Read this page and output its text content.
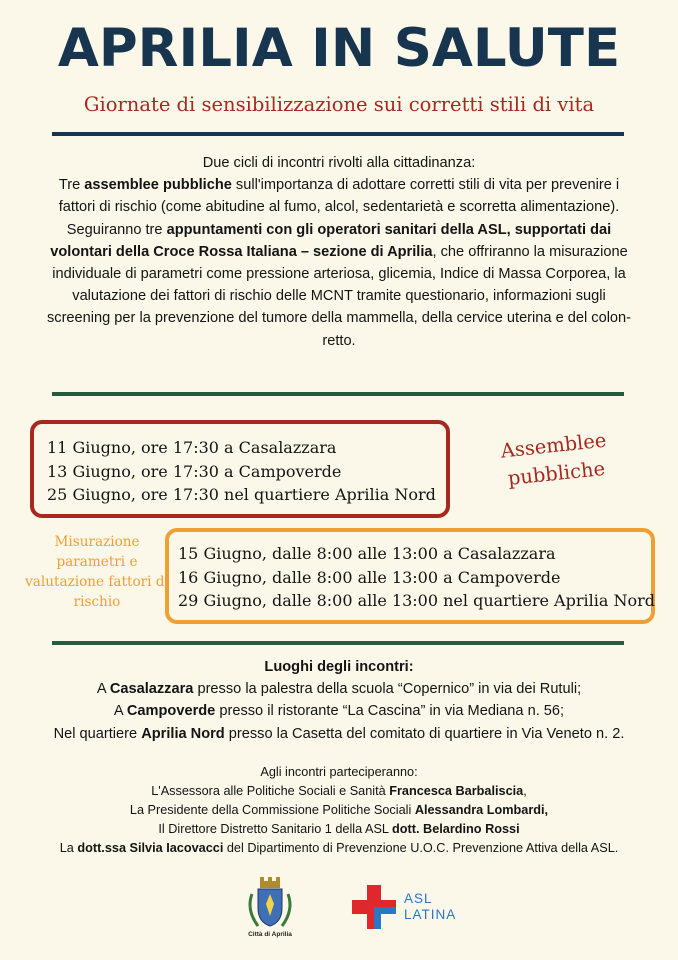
APRILIA IN SALUTE
Giornate di sensibilizzazione sui corretti stili di vita

Due cicli di incontri rivolti alla cittadinanza:

Tre assemblee pubbliche sull'importanza di adottare corretti stili di vita per prevenire i fattori di rischio (come abitudine al fumo, alcol, sedentarietà e scorretta alimentazione).

Seguiranno tre appuntamenti con gli operatori sanitari della ASL, supportati dai volontari della Croce Rossa Italiana – sezione di Aprilia, che offriranno la misurazione individuale di parametri come pressione arteriosa, glicemia, Indice di Massa Corporea, la valutazione dei fattori di rischio delle MCNT tramite questionario, informazioni sugli screening per la prevenzione del tumore della mammella, della cervice uterina e del colon-retto.

11 Giugno, ore 17:30 a Casalazzara
13 Giugno, ore 17:30 a Campoverde
25 Giugno, ore 17:30 nel quartiere Aprilia Nord
Assemblee pubbliche
Misurazione parametri e valutazione fattori di rischio
15 Giugno, dalle 8:00 alle 13:00 a Casalazzara
16 Giugno, dalle 8:00 alle 13:00 a Campoverde
29 Giugno, dalle 8:00 alle 13:00 nel quartiere Aprilia Nord

Luoghi degli incontri:

A Casalazzara presso la palestra della scuola “Copernico” in via dei Rutuli;

A Campoverde presso il ristorante “La Cascina” in via Mediana n. 56;

Nel quartiere Aprilia Nord presso la Casetta del comitato di quartiere in Via Veneto n. 2.

Agli incontri parteciperanno:

L'Assessora alle Politiche Sociali e Sanità Francesca Barbaliscia,

La Presidente della Commissione Politiche Sociali Alessandra Lombardi,

Il Direttore Distretto Sanitario 1 della ASL dott. Belardino Rossi

La dott.ssa Silvia Iacovacci del Dipartimento di Prevenzione U.O.C. Prevenzione Attiva della ASL.

Città di Aprilia
ASL
LATINA
